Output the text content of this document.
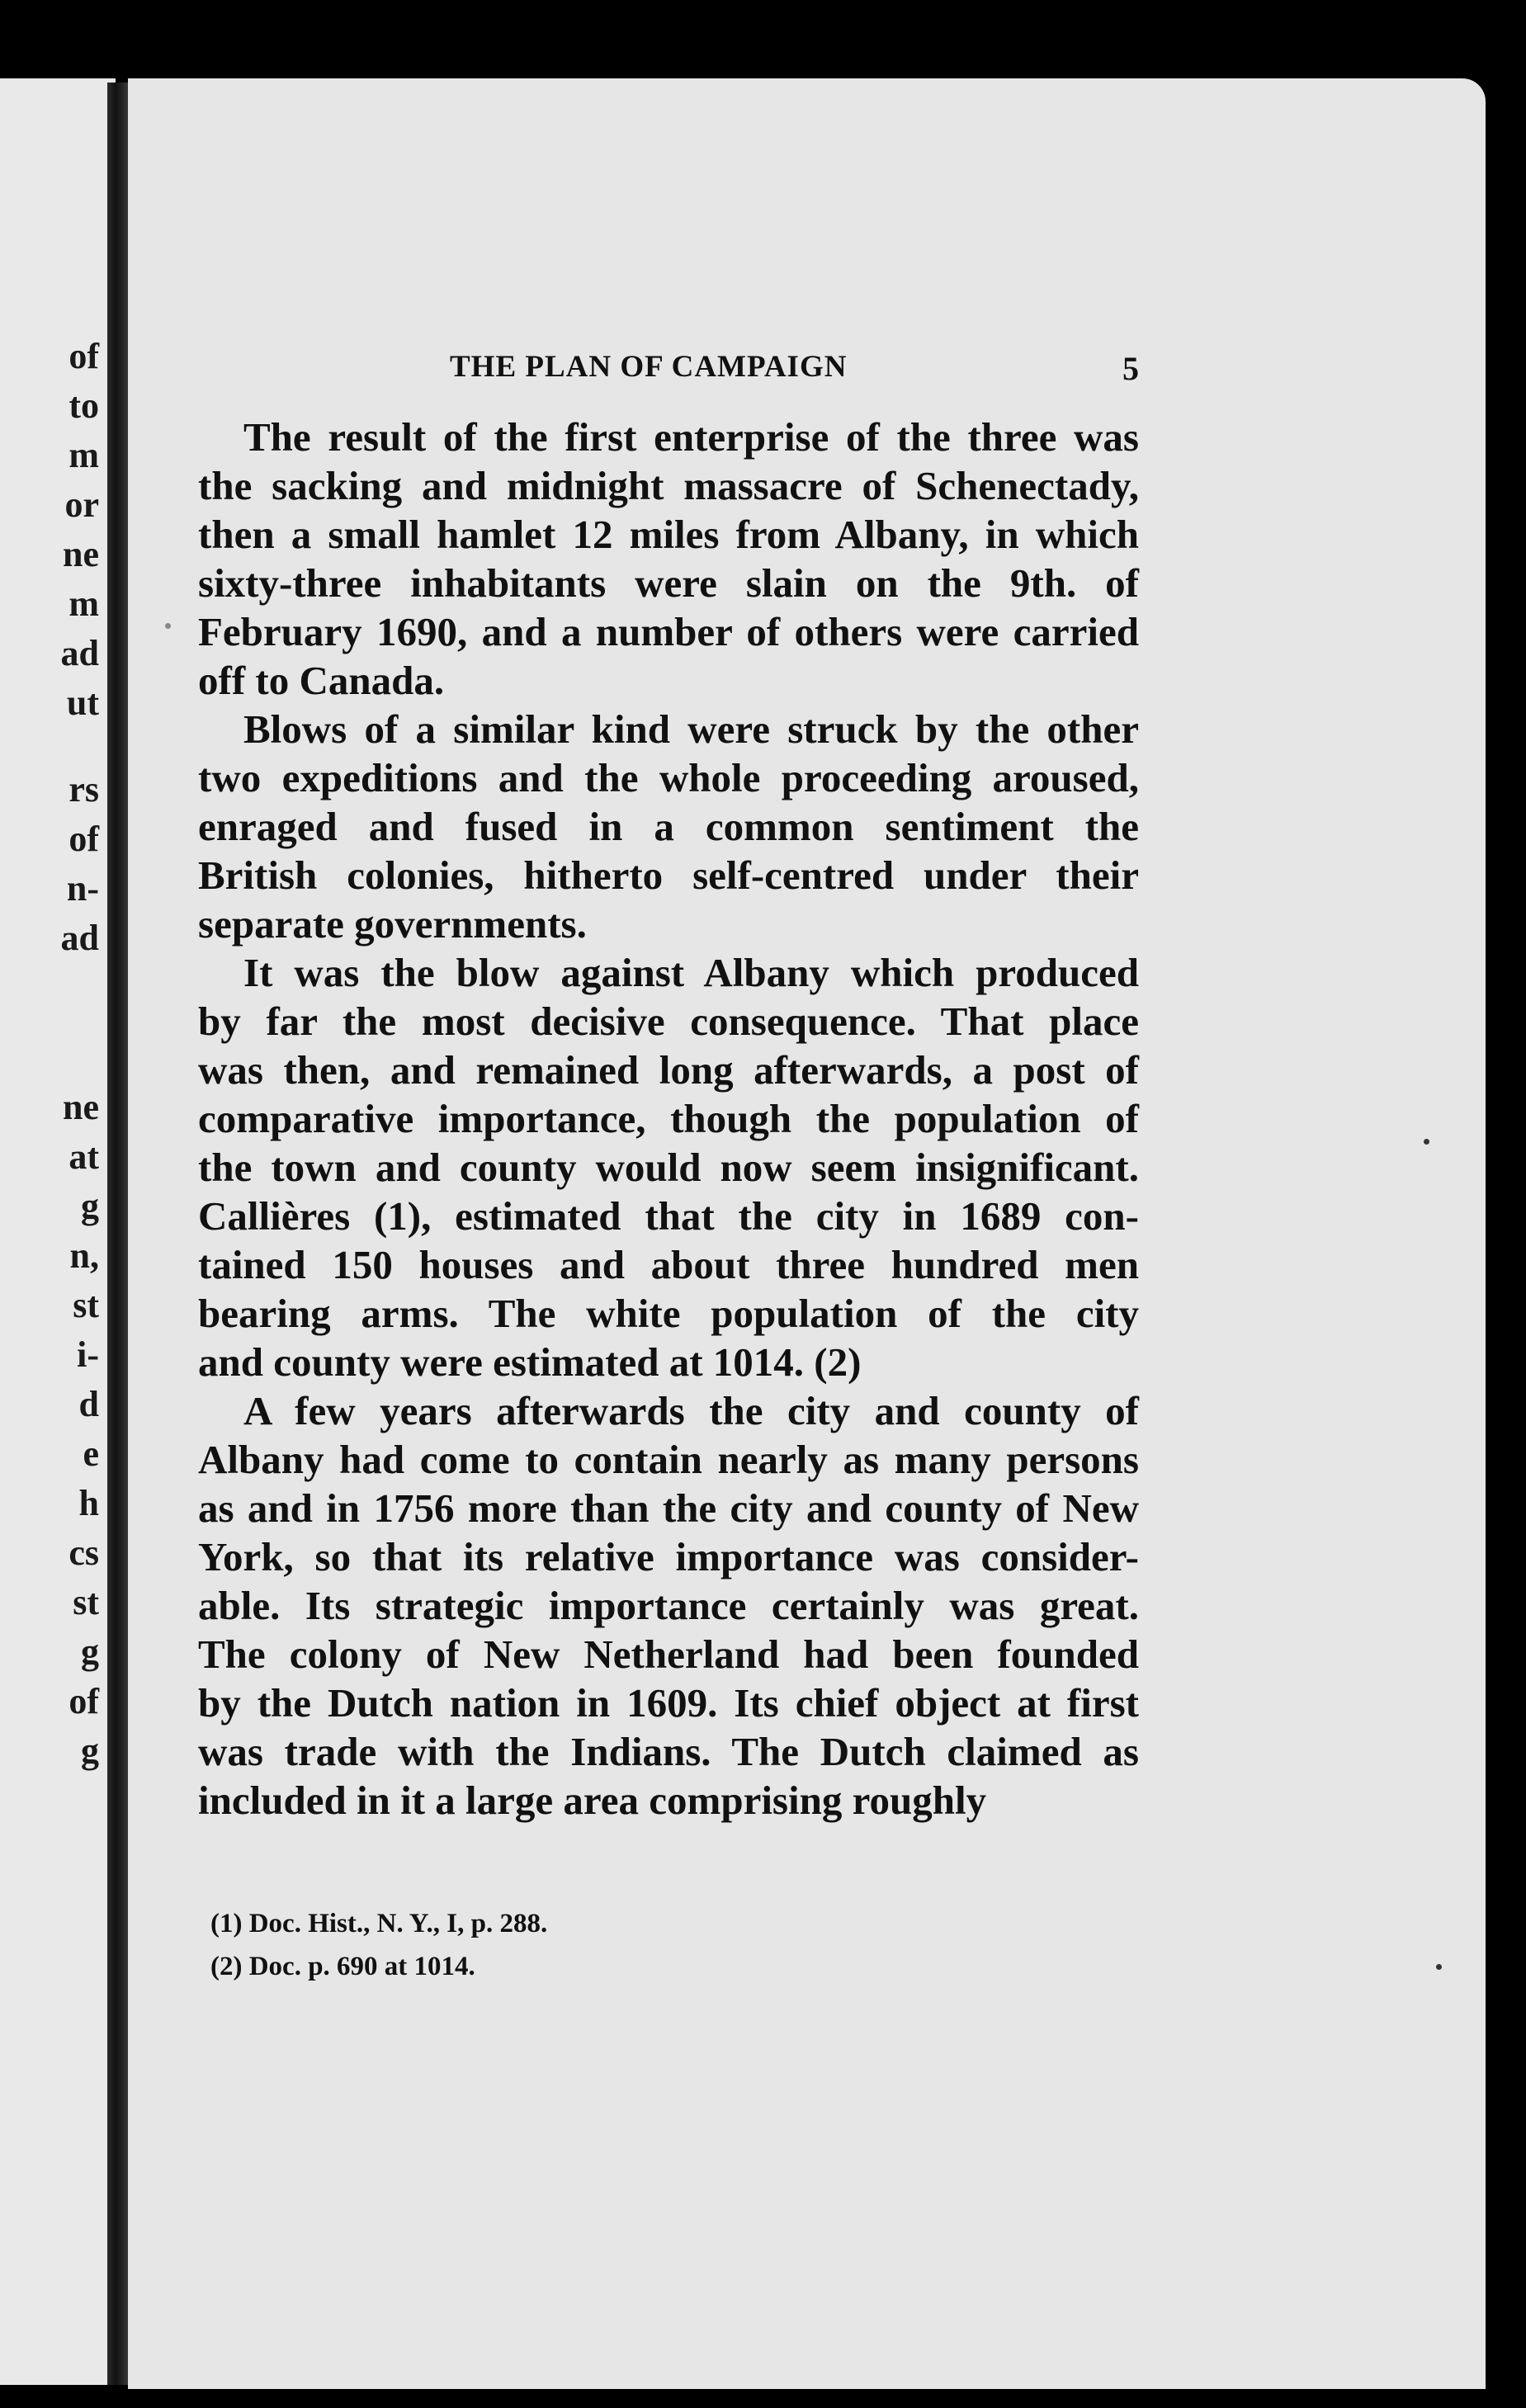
of
to
m
or
ne
m
ad
ut
rs
of
n-
ad
ne
at
g
n,
st
i-
d
e
h
cs
st
g
of
g
THE PLAN OF CAMPAIGN	5
The result of the first enterprise of the three was
the sacking and midnight massacre of Schenectady,
then a small hamlet 12 miles from Albany, in which
sixty-three inhabitants were slain on the 9th. of
February 1690, and a number of others were carried
off to Canada.
Blows of a similar kind were struck by the other
two expeditions and the whole proceeding aroused,
enraged and fused in a common sentiment the
British colonies, hitherto self-centred under their
separate governments.
It was the blow against Albany which produced
by far the most decisive consequence. That place
was then, and remained long afterwards, a post of
comparative importance, though the population of
the town and county would now seem insignificant.
Callières (1), estimated that the city in 1689 con-
tained 150 houses and about three hundred men
bearing arms. The white population of the city
and county were estimated at 1014. (2)
A few years afterwards the city and county of
Albany had come to contain nearly as many persons
as and in 1756 more than the city and county of New
York, so that its relative importance was consider-
able. Its strategic importance certainly was great.
The colony of New Netherland had been founded
by the Dutch nation in 1609. Its chief object at first
was trade with the Indians. The Dutch claimed as
included in it a large area comprising roughly
(1) Doc. Hist., N. Y., I, p. 288.
(2) Doc. p. 690 at 1014.
